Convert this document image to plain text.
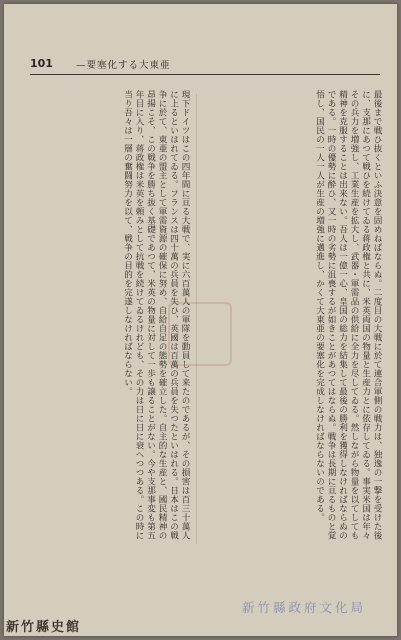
101 —要塞化する大東亜

最後まで戦ひ抜くといふ決意を固めねばならぬ。二度目の大戦に於て連合軍側の戦力は、独逸の一撃を受けた後に、支那にあつて戦ひを続けてゐる蒋政権と共に、米英両国の物量と生産力とに依存してゐる。事実米国は年々その兵力を増強し、工業生産を拡大し、武器・軍需品の供給に全力を尽してゐる。然しながら物量を以てしても精神を克服することは出来ない。吾人は一億一心、皇国の総力を結集して最後の勝利を獲得しなければならぬのである。一時の優勢に酔ひ、又一時の劣勢に沮喪するが如きことがあつてはならぬ。戦争は長期に亘るものと覚悟し、国民の一人一人が生産の増強に邁進し、かくて大東亜の要塞化を完成しなければならないのである。

現下ドイツはこの四年間に亘る大戦で、実に六百萬人の軍隊を動員して来たのであるが、その損害は百三十萬人に上るといはれてゐる。フランスは四十萬の兵員を失ひ、英國は百萬の兵員を失つたといはれる。日本はこの戦争に於て、東亜の盟主として軍需資源の確保に努め、自給自足の態勢を確立した。自主的な生産と、國民精神の昂揚こそ、この戦争を勝ち抜く基礎であつて、米英の物量に対して一歩も譲ることがない。今や支那事変も第五年目に入り、蒋政権は米英を頼みとして抗戦を続けてゐるけれども、その力は日に日に衰へつつある。この時に当り吾々は一層の奮闘努力を以て、戦争の目的を完遂しなければならない。

新竹縣政府文化局
新竹縣史館
